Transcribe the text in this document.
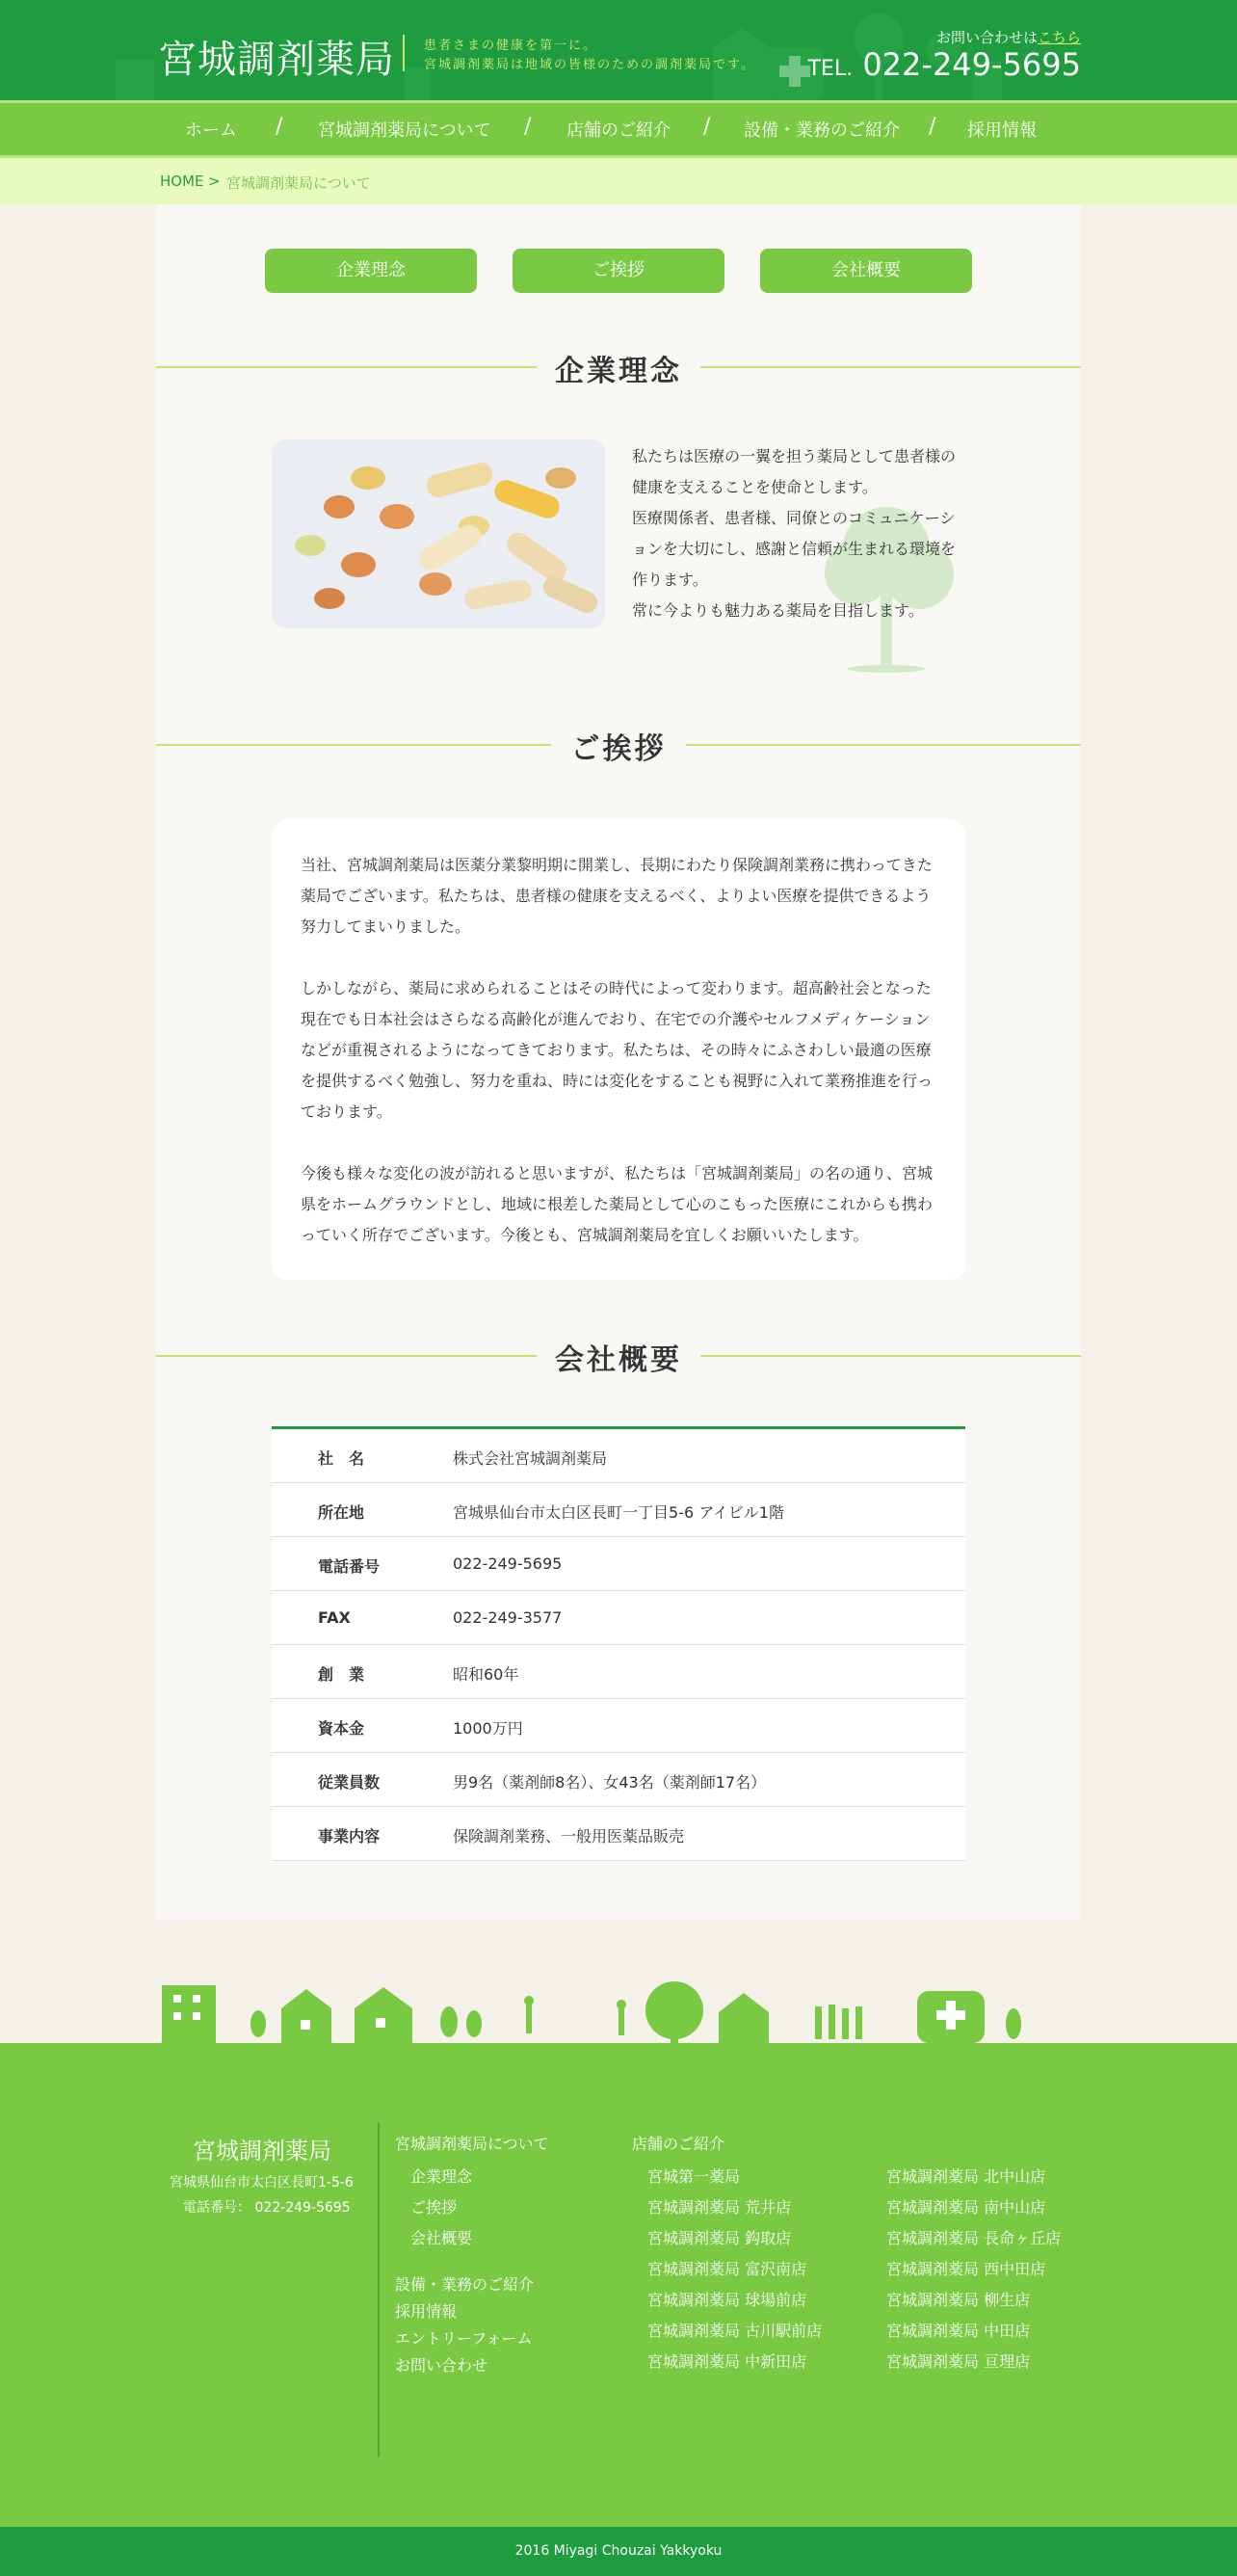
宮城調剤薬局 患者さまの健康を第一に。
宮城調剤薬局は地域の皆様のための調剤薬局です。
お問い合わせはこちら
TEL. 022-249-5695
ホーム / 宮城調剤薬局について / 店舗のご紹介 / 設備・業務のご紹介 / 採用情報
HOME > 宮城調剤薬局について
企業理念	ご挨拶	会社概要
企業理念
私たちは医療の一翼を担う薬局として患者様の
健康を支えることを使命とします。
医療関係者、患者様、同僚とのコミュニケーシ
ョンを大切にし、感謝と信頼が生まれる環境を
作ります。
常に今よりも魅力ある薬局を目指します。
ご挨拶

当社、宮城調剤薬局は医薬分業黎明期に開業し、長期にわたり保険調剤業務に携わってきた
薬局でございます。私たちは、患者様の健康を支えるべく、よりよい医療を提供できるよう
努力してまいりました。

しかしながら、薬局に求められることはその時代によって変わります。超高齢社会となった
現在でも日本社会はさらなる高齢化が進んでおり、在宅での介護やセルフメディケーション
などが重視されるようになってきております。私たちは、その時々にふさわしい最適の医療
を提供するべく勉強し、努力を重ね、時には変化をすることも視野に入れて業務推進を行っ
ております。

今後も様々な変化の波が訪れると思いますが、私たちは「宮城調剤薬局」の名の通り、宮城
県をホームグラウンドとし、地域に根差した薬局として心のこもった医療にこれからも携わ
っていく所存でございます。今後とも、宮城調剤薬局を宜しくお願いいたします。

会社概要
社　名	株式会社宮城調剤薬局
所在地	宮城県仙台市太白区長町一丁目5-6 アイビル1階
電話番号	022-249-5695
FAX	022-249-3577
創　業	昭和60年
資本金	1000万円
従業員数	男9名（薬剤師8名）、女43名（薬剤師17名）
事業内容	保険調剤業務、一般用医薬品販売
宮城調剤薬局
宮城県仙台市太白区長町1-5-6
電話番号： 022-249-5695
宮城調剤薬局について
企業理念
ご挨拶
会社概要
設備・業務のご紹介
採用情報
エントリーフォーム
お問い合わせ
店舗のご紹介
宮城第一薬局
宮城調剤薬局 荒井店
宮城調剤薬局 鈎取店
宮城調剤薬局 富沢南店
宮城調剤薬局 球場前店
宮城調剤薬局 古川駅前店
宮城調剤薬局 中新田店
宮城調剤薬局 北中山店
宮城調剤薬局 南中山店
宮城調剤薬局 長命ヶ丘店
宮城調剤薬局 西中田店
宮城調剤薬局 柳生店
宮城調剤薬局 中田店
宮城調剤薬局 亘理店
2016 Miyagi Chouzai Yakkyoku
